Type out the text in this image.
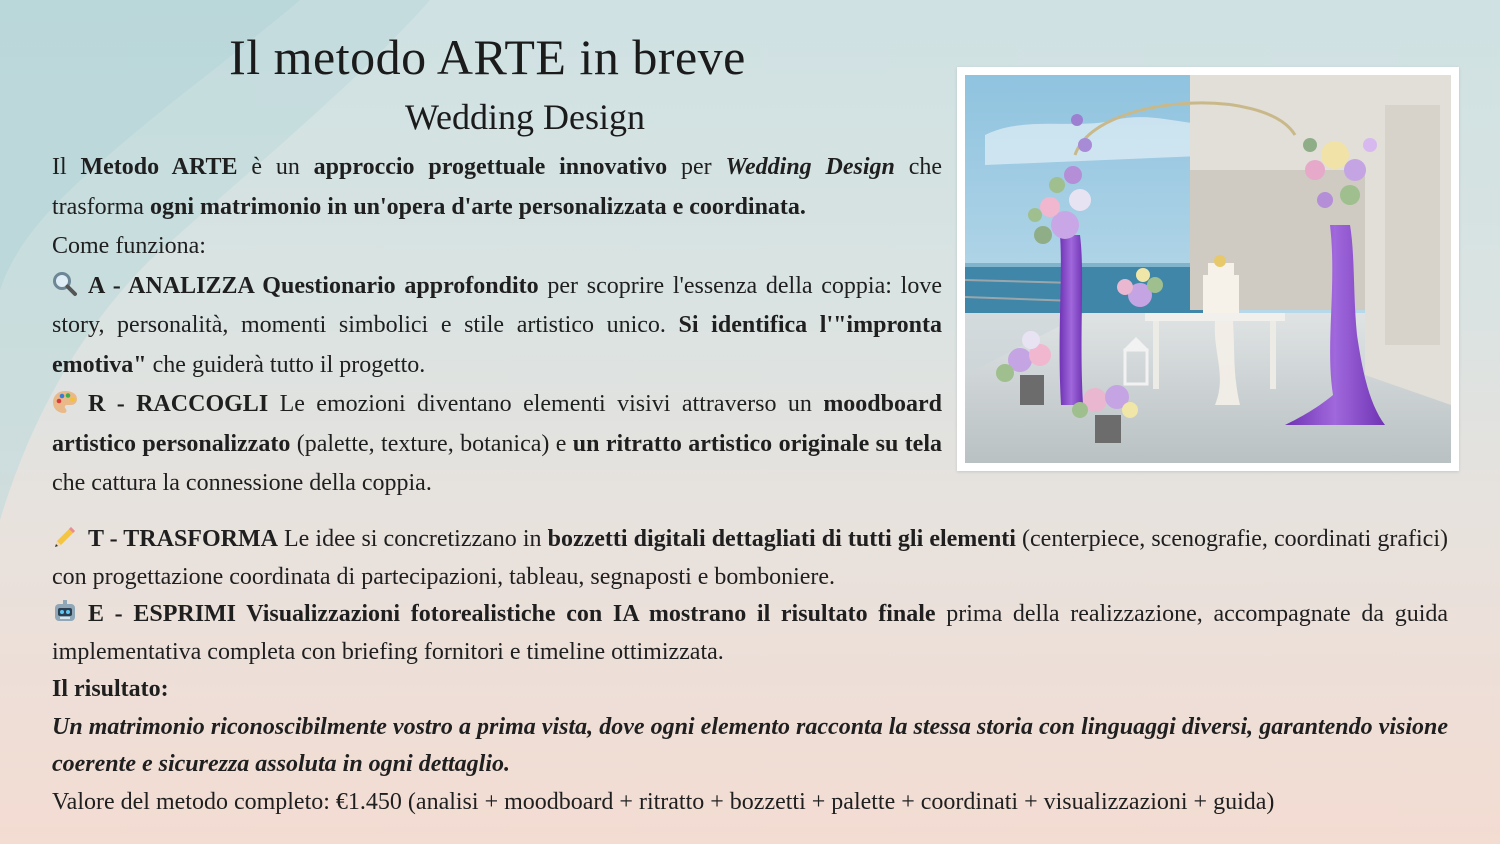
Il metodo ARTE in breve
Wedding Design

Il Metodo ARTE è un approccio progettuale innovativo per Wedding Design che trasforma ogni matrimonio in un'opera d'arte personalizzata e coordinata.

Come funziona:

A - ANALIZZA Questionario approfondito per scoprire l'essenza della coppia: love story, personalità, momenti simbolici e stile artistico unico. Si identifica l'"impronta emotiva" che guiderà tutto il progetto.

R - RACCOGLI Le emozioni diventano elementi visivi attraverso un moodboard artistico personalizzato (palette, texture, botanica) e un ritratto artistico originale su tela che cattura la connessione della coppia.

T - TRASFORMA Le idee si concretizzano in bozzetti digitali dettagliati di tutti gli elementi (centerpiece, scenografie, coordinati grafici) con progettazione coordinata di partecipazioni, tableau, segnaposti e bomboniere.

E - ESPRIMI Visualizzazioni fotorealistiche con IA mostrano il risultato finale prima della realizzazione, accompagnate da guida implementativa completa con briefing fornitori e timeline ottimizzata.

Il risultato:

Un matrimonio riconoscibilmente vostro a prima vista, dove ogni elemento racconta la stessa storia con linguaggi diversi, garantendo visione coerente e sicurezza assoluta in ogni dettaglio.

Valore del metodo completo: €1.450 (analisi + moodboard + ritratto + bozzetti + palette + coordinati + visualizzazioni + guida)
